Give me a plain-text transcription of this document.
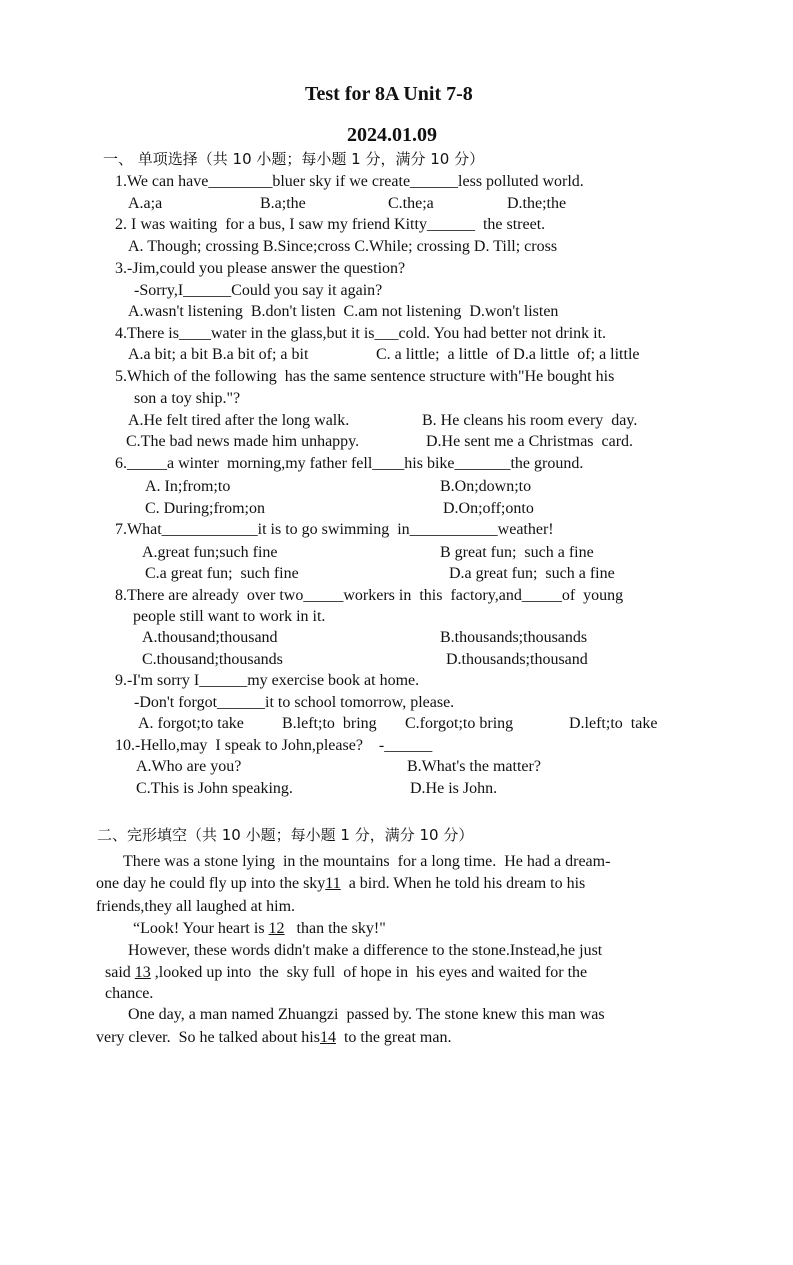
Test for 8A Unit 7-8
2024.01.09
一、 单项选择（共 10 小题；每小题 1 分，满分 10 分）
1.We can have________bluer sky if we create______less polluted world.
A.a;a	B.a;the	C.the;a	D.the;the
2. I was waiting  for a bus, I saw my friend Kitty______  the street.
A. Though; crossing B.Since;cross C.While; crossing D. Till; cross
3.-Jim,could you please answer the question?
-Sorry,I______Could you say it again?
A.wasn't listening  B.don't listen  C.am not listening  D.won't listen
4.There is____water in the glass,but it is___cold. You had better not drink it.
A.a bit; a bit B.a bit of; a bit	C. a little;  a little  of D.a little  of; a little
5.Which of the following  has the same sentence structure with"He bought his
son a toy ship."?
A.He felt tired after the long walk.	B. He cleans his room every  day.
C.The bad news made him unhappy.	D.He sent me a Christmas  card.
6._____a winter  morning,my father fell____his bike_______the ground.
A. In;from;to	B.On;down;to
C. During;from;on	D.On;off;onto
7.What____________it is to go swimming  in___________weather!
A.great fun;such fine	B great fun;  such a fine
C.a great fun;  such fine	D.a great fun;  such a fine
8.There are already  over two_____workers in  this  factory,and_____of  young
people still want to work in it.
A.thousand;thousand	B.thousands;thousands
C.thousand;thousands	D.thousands;thousand
9.-I'm sorry I______my exercise book at home.
-Don't forgot______it to school tomorrow, please.
A. forgot;to take B.left;to  bring C.forgot;to bring	D.left;to  take
10.-Hello,may  I speak to John,please?    -______
A.Who are you?	B.What's the matter?
C.This is John speaking.	D.He is John.
二、完形填空（共 10 小题；每小题 1 分，满分 10 分）
There was a stone lying  in the mountains  for a long time.  He had a dream-
one day he could fly up into the sky11  a bird. When he told his dream to his
friends,they all laughed at him.
“Look! Your heart is 12   than the sky!"
However, these words didn't make a difference to the stone.Instead,he just
said 13 ,looked up into  the  sky full  of hope in  his eyes and waited for the
chance.
One day, a man named Zhuangzi  passed by. The stone knew this man was
very clever.  So he talked about his14  to the great man.
